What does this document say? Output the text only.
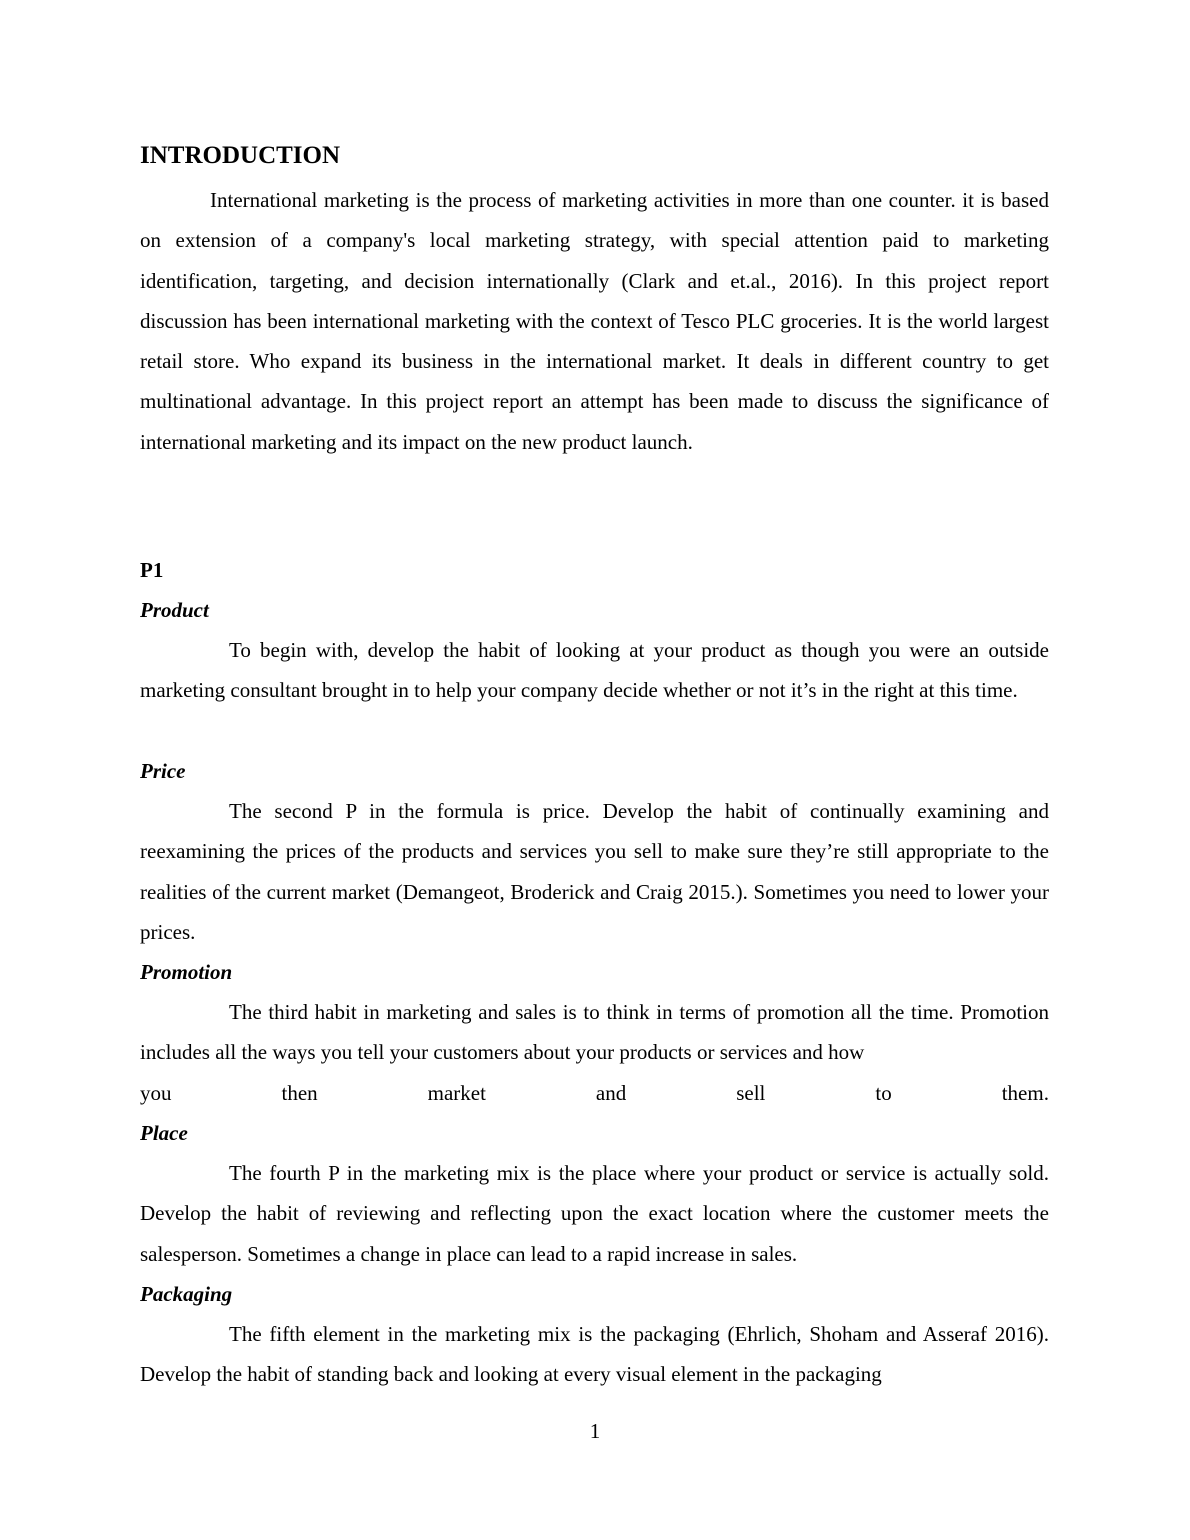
INTRODUCTION

International marketing is the process of marketing activities in more than one counter. it is based on extension of a company's local marketing strategy, with special attention paid to marketing identification, targeting, and decision internationally (Clark and et.al., 2016). In this project report discussion has been international marketing with the context of Tesco PLC groceries. It is the world largest retail store. Who expand its business in the international market. It deals in different country to get multinational advantage. In this project report an attempt has been made to discuss the significance of international marketing and its impact on the new product launch.

P1
Product

To begin with, develop the habit of looking at your product as though you were an outside marketing consultant brought in to help your company decide whether or not it’s in the right at this time.

Price

The second P in the formula is price. Develop the habit of continually examining and reexamining the prices of the products and services you sell to make sure they’re still appropriate to the realities of the current market (Demangeot, Broderick and Craig 2015.). Sometimes you need to lower your prices.

Promotion

The third habit in marketing and sales is to think in terms of promotion all the time. Promotion includes all the ways you tell your customers about your products or services and how

you	then	market	and	sell	to	them.
Place

The fourth P in the marketing mix is the place where your product or service is actually sold. Develop the habit of reviewing and reflecting upon the exact location where the customer meets the salesperson. Sometimes a change in place can lead to a rapid increase in sales.

Packaging

The fifth element in the marketing mix is the packaging (Ehrlich, Shoham and Asseraf 2016). Develop the habit of standing back and looking at every visual element in the packaging

1
